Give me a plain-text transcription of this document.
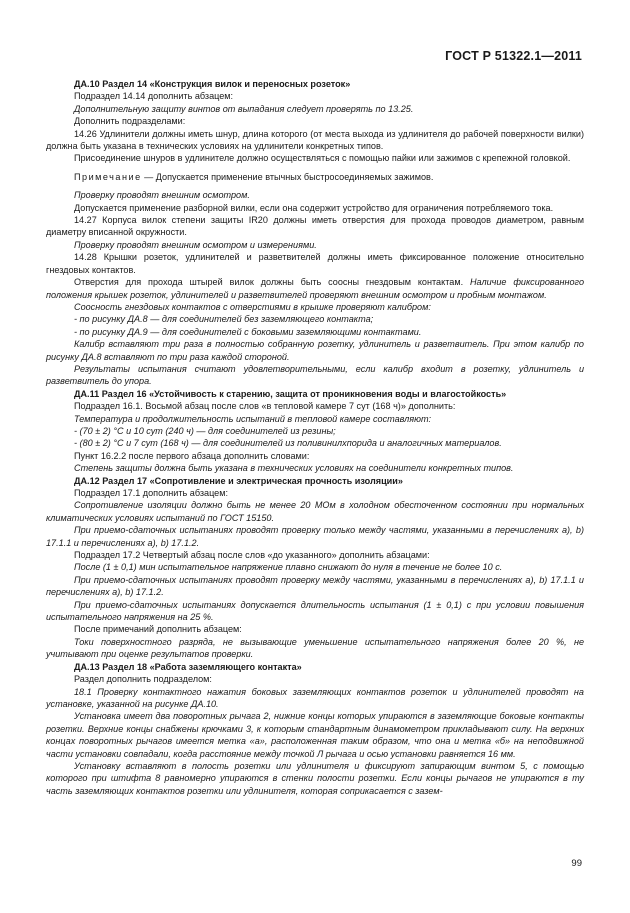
ГОСТ Р 51322.1—2011

ДА.10 Раздел 14 «Конструкция вилок и переносных розеток»

Подраздел 14.14 дополнить абзацем:

Дополнительную защиту винтов от выпадания следует проверять по 13.25.

Дополнить подразделами:

14.26 Удлинители должны иметь шнур, длина которого (от места выхода из удлинителя до рабочей поверхности вилки) должна быть указана в технических условиях на удлинители конкретных типов.

Присоединение шнуров в удлинителе должно осуществляться с помощью пайки или зажимов с крепежной головкой.

Примечание — Допускается применение втычных быстросоединяемых зажимов.

Проверку проводят внешним осмотром.

Допускается применение разборной вилки, если она содержит устройство для ограничения потребляемого тока.

14.27 Корпуса вилок степени защиты IR20 должны иметь отверстия для прохода проводов диаметром, равным диаметру вписанной окружности.

Проверку проводят внешним осмотром и измерениями.

14.28 Крышки розеток, удлинителей и разветвителей должны иметь фиксированное положение относительно гнездовых контактов.

Отверстия для прохода штырей вилок должны быть соосны гнездовым контактам. Наличие фиксированного положения крышек розеток, удлинителей и разветвителей проверяют внешним осмотром и пробным монтажом.

Соосность гнездовых контактов с отверстиями в крышке проверяют калибром:

- по рисунку ДА.8 — для соединителей без заземляющего контакта;

- по рисунку ДА.9 — для соединителей с боковыми заземляющими контактами.

Калибр вставляют три раза в полностью собранную розетку, удлинитель и разветвитель. При этом калибр по рисунку ДА.8 вставляют по три раза каждой стороной.

Результаты испытания считают удовлетворительными, если калибр входит в розетку, удлинитель и разветвитель до упора.

ДА.11 Раздел 16 «Устойчивость к старению, защита от проникновения воды и влагостойкость»

Подраздел 16.1. Восьмой абзац после слов «в тепловой камере 7 сут (168 ч)» дополнить:

Температура и продолжительность испытаний в тепловой камере составляют:

- (70 ± 2) °С и 10 сут (240 ч) — для соединителей из резины;

- (80 ± 2) °С и 7 сут (168 ч) — для соединителей из поливинилхпорида и аналогичных материалов.

Пункт 16.2.2 после первого абзаца дополнить словами:

Степень защиты должна быть указана в технических условиях на соединители конкретных типов.

ДА.12 Раздел 17 «Сопротивление и электрическая прочность изоляции»

Подраздел 17.1 дополнить абзацем:

Сопротивление изоляции должно быть не менее 20 МОм в холодном обесточенном состоянии при нормальных климатических условиях испытаний по ГОСТ 15150.

При приемо-сдаточных испытаниях проводят проверку только между частями, указанными в перечислениях a), b) 17.1.1 и перечислениях a), b) 17.1.2.

Подраздел 17.2 Четвертый абзац после слов «до указанного» дополнить абзацами:

После (1 ± 0,1) мин испытательное напряжение плавно снижают до нуля в течение не более 10 с.

При приемо-сдаточных испытаниях проводят проверку между частями, указанными в перечислениях a), b) 17.1.1 и перечислениях a), b) 17.1.2.

При приемо-сдаточных испытаниях допускается длительность испытания (1 ± 0,1) с при условии повышения испытательного напряжения на 25 %.

После примечаний дополнить абзацем:

Токи поверхностного разряда, не вызывающие уменьшение испытательного напряжения более 20 %, не учитывают при оценке результатов проверки.

ДА.13 Раздел 18 «Работа заземляющего контакта»

Раздел дополнить подразделом:

18.1 Проверку контактного нажатия боковых заземляющих контактов розеток и удлинителей проводят на установке, указанной на рисунке ДА.10.

Установка имеет два поворотных рычага 2, нижние концы которых упираются в заземляющие боковые контакты розетки. Верхние концы снабжены крючками 3, к которым стандартным динамометром прикладывают силу. На верхних концах поворотных рычагов имеется метка «а», расположенная таким образом, что она и метка «б» на неподвижной части установки совпадали, когда расстояние между точкой Л рычага и осью установки равняется 16 мм.

Установку вставляют в полость розетки или удлинителя и фиксируют запирающим винтом 5, с помощью которого при штифта 8 равномерно упираются в стенки полости розетки. Если концы рычагов не упираются в ту часть заземляющих контактов розетки или удлинителя, которая соприкасается с зазем-

99
